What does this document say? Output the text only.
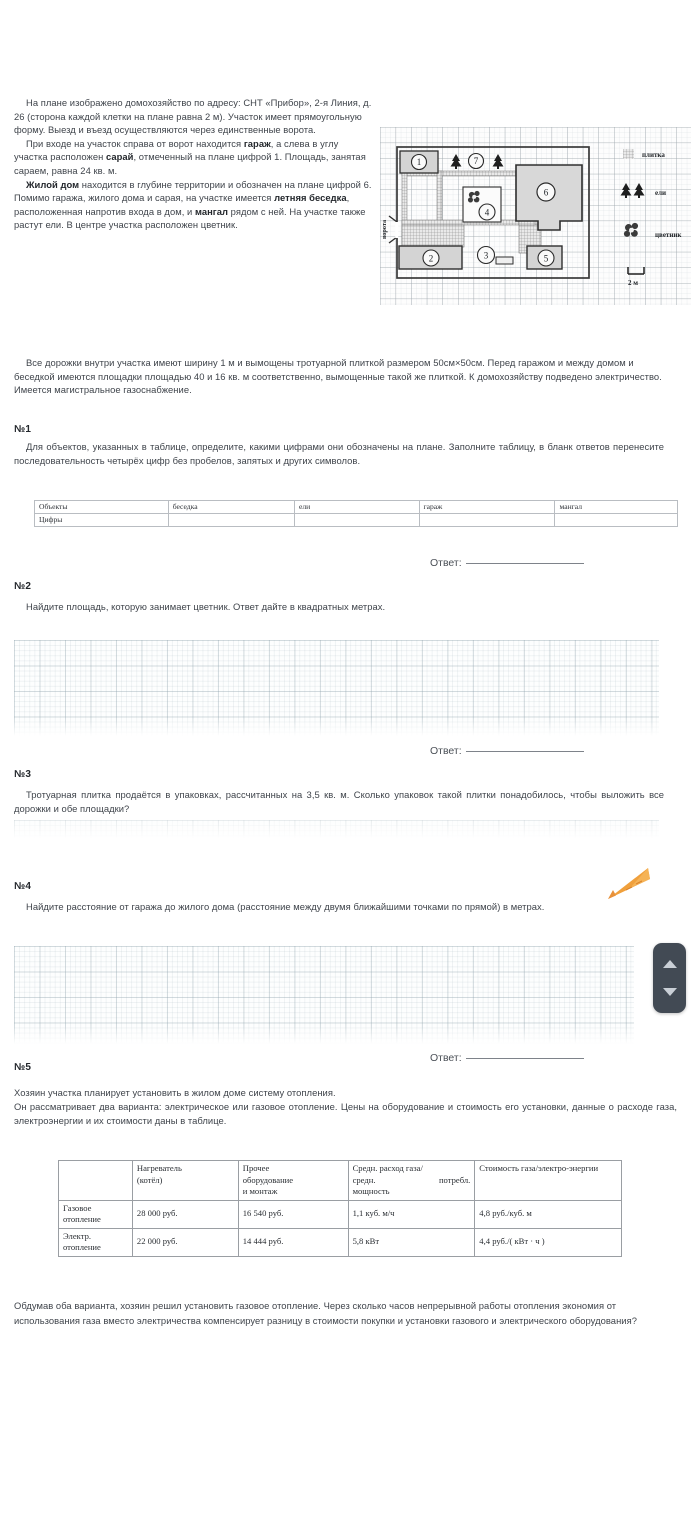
На плане изображено домохозяйство по адресу: СНТ «Прибор», 2-я Линия, д. 26 (сторона каждой клетки на плане равна 2 м). Участок имеет прямоугольную форму. Выезд и въезд осуществляются через единственные ворота.

При входе на участок справа от ворот находится гараж, а слева в углу участка расположен сарай, отмеченный на плане цифрой 1. Площадь, занятая сараем, равна 24 кв. м.

Жилой дом находится в глубине территории и обозначен на плане цифрой 6. Помимо гаража, жилого дома и сарая, на участке имеется летняя беседка, расположенная напротив входа в дом, и мангал рядом с ней. На участке также растут ели. В центре участка расположен цветник.

1	7
4
6
2	3	5
ворота
плитка
ели
цветник
2 м
Все дорожки внутри участка имеют ширину 1 м и вымощены тротуарной плиткой размером 50см×50см. Перед гаражом и между домом и беседкой имеются площадки площадью 40 и 16 кв. м соответственно, вымощенные такой же плиткой. К домохозяйству подведено электричество. Имеется магистральное газоснабжение.
№1
Для объектов, указанных в таблице, определите, какими цифрами они обозначены на плане. Заполните таблицу, в бланк ответов перенесите последовательность четырёх цифр без пробелов, запятых и других символов.
Объекты	беседка	ели	гараж	мангал
Цифры				
Ответ:
№2
Найдите площадь, которую занимает цветник. Ответ дайте в квадратных метрах.
Ответ:
№3
Тротуарная плитка продаётся в упаковках, рассчитанных на 3,5 кв. м. Сколько упаковок такой плитки понадобилось, чтобы выложить все дорожки и обе площадки?
№4
Найдите расстояние от гаража до жилого дома (расстояние между двумя ближайшими точками по прямой) в метрах.
Ответ:
№5
Хозяин участка планирует установить в жилом доме систему отопления.
Он рассматривает два варианта: электрическое или газовое отопление. Цены на оборудование и стоимость его установки, данные о расходе газа, электроэнергии и их стоимости даны в таблице.
	Нагреватель
(котёл)	Прочее
оборудование
и монтаж	Средн. расход газа/
средн. потребл.

мощность	Стоимость газа/электро-энергии
Газовое
отопление	28 000 руб.	16 540 руб.	1,1 куб. м/ч	4,8 руб./куб. м
Электр.
отопление	22 000 руб.	14 444 руб.	5,8 кВт	4,4 руб./( кВт · ч )
Обдумав оба варианта, хозяин решил установить газовое отопление. Через сколько часов непрерывной работы отопления экономия от использования газа вместо электричества компенсирует разницу в стоимости покупки и установки газового и электрического оборудования?
